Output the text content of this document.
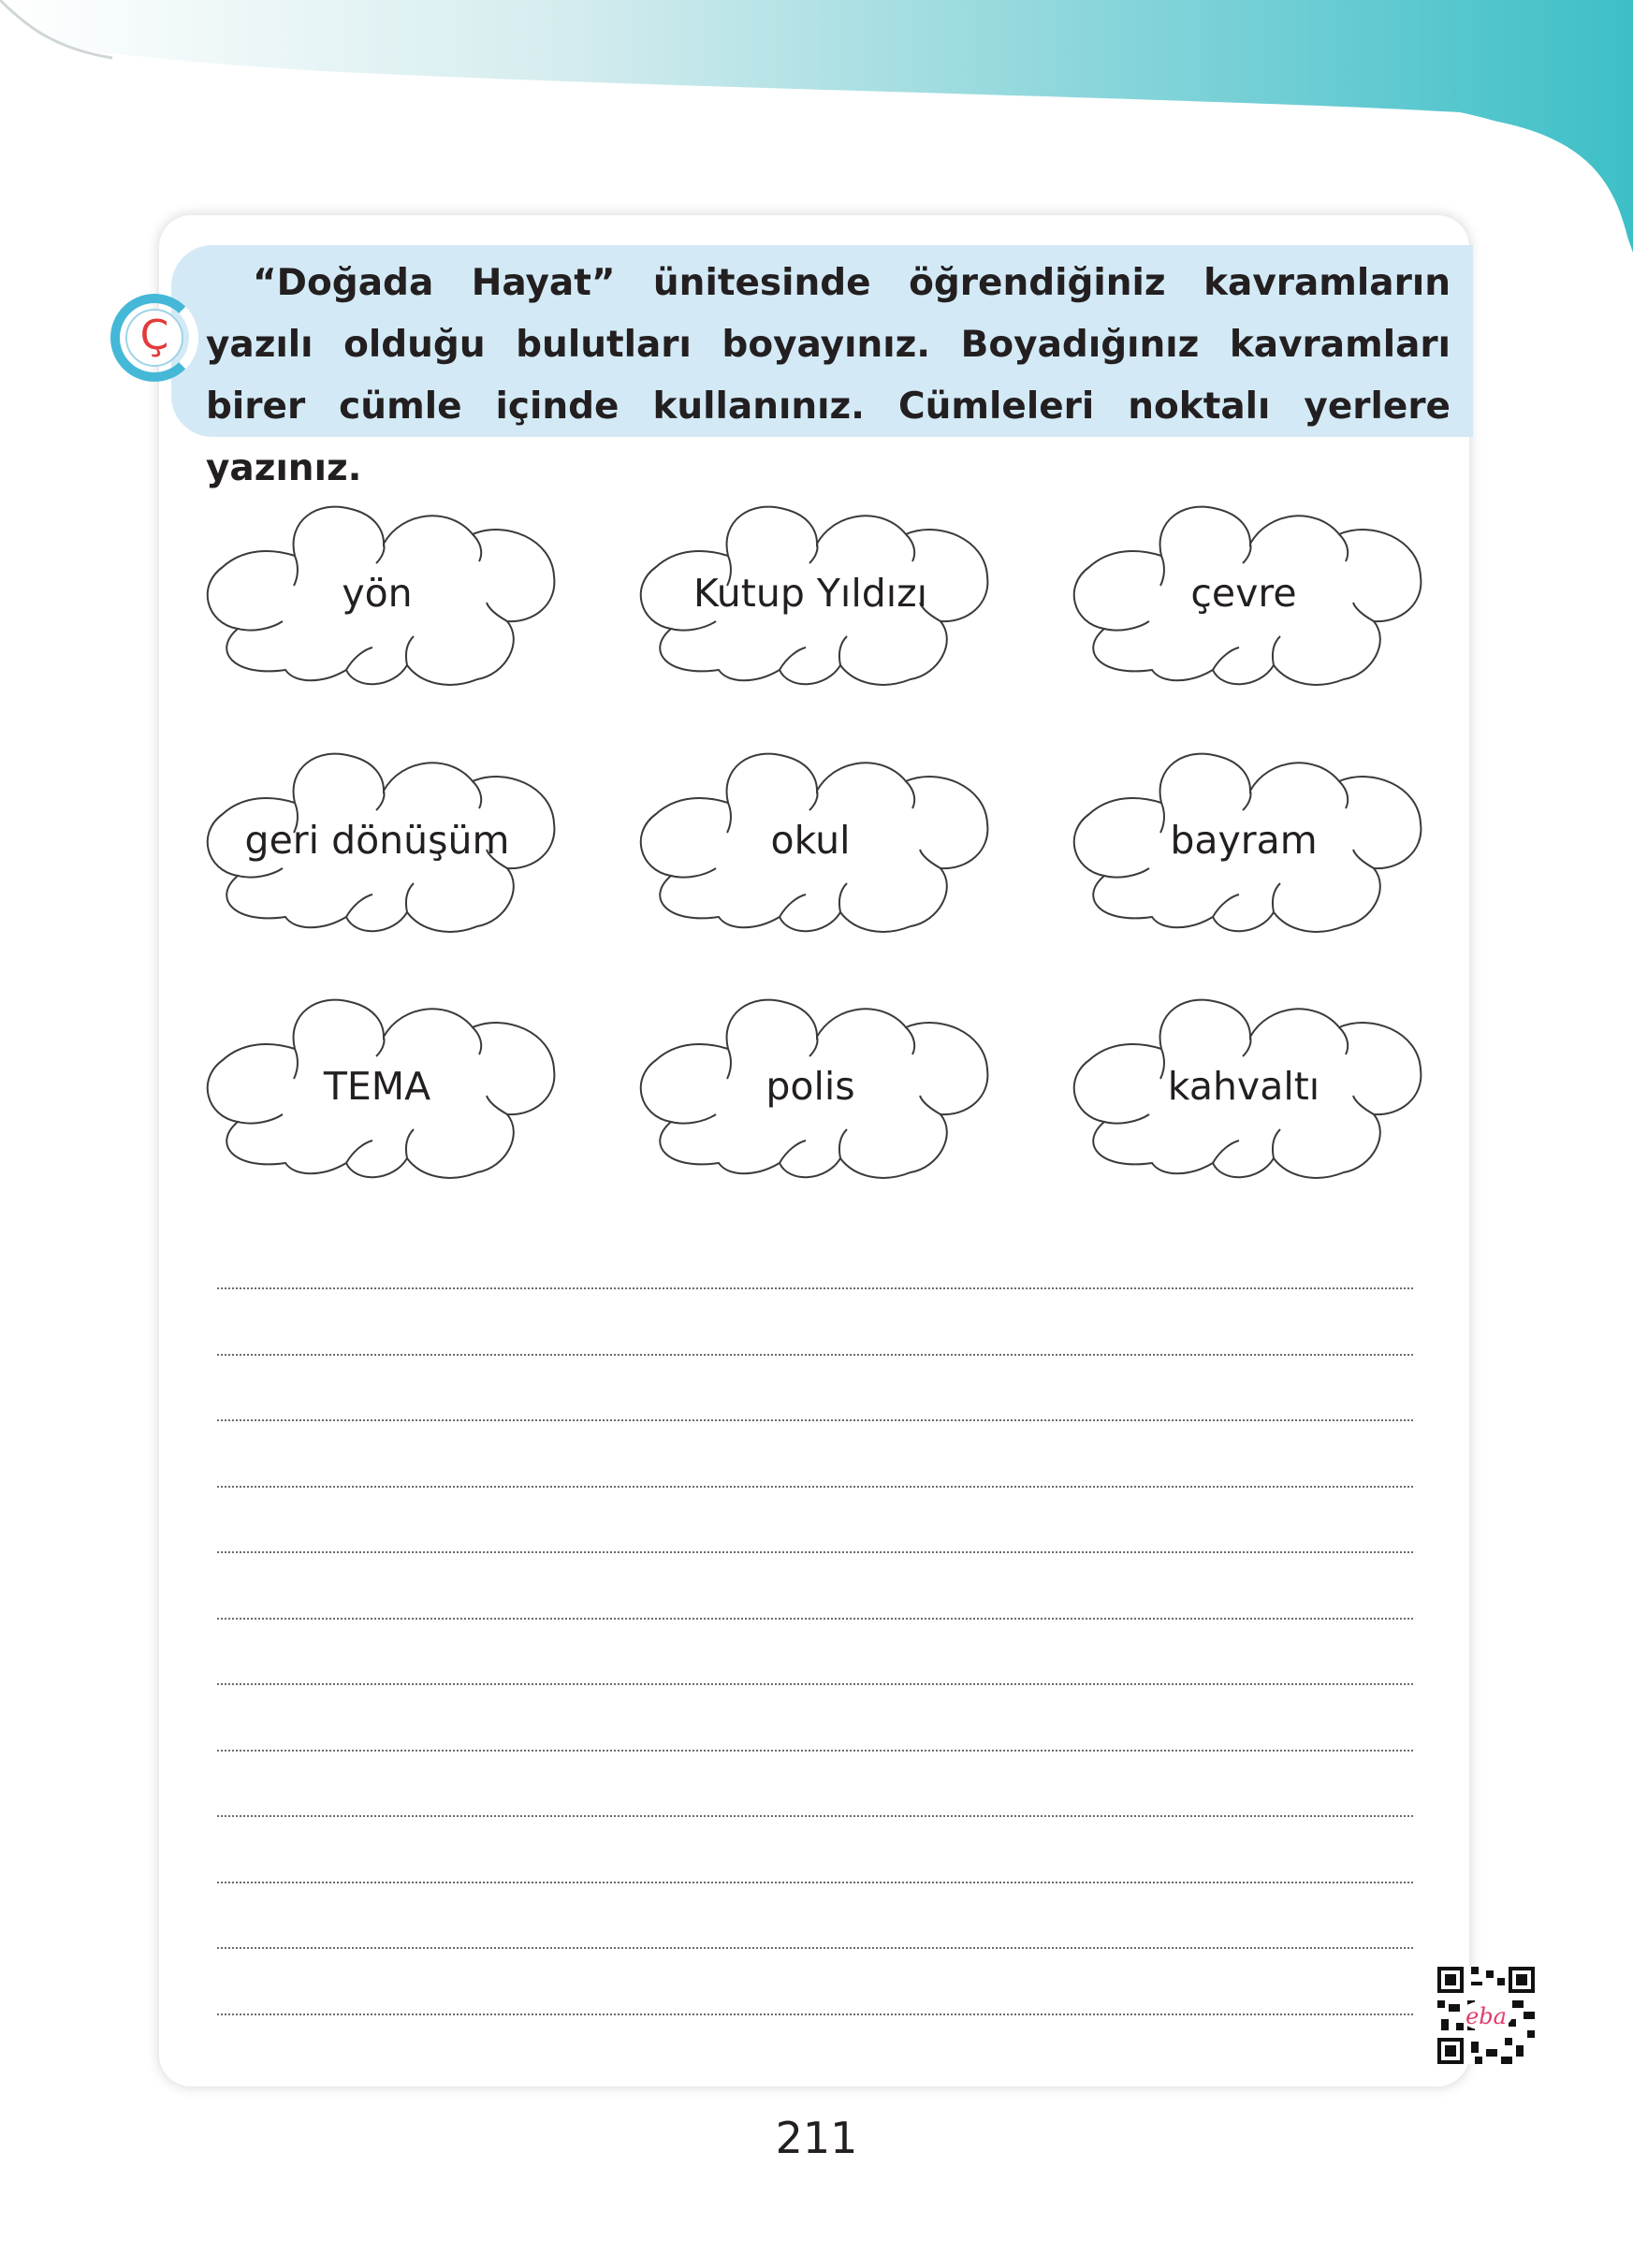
“Doğada Hayat” ünitesinde öğrendiğiniz kavramların yazılı olduğu bulutları boyayınız. Boyadığınız kavramları birer cümle içinde kullanınız. Cümleleri noktalı yerlere yazınız.

Ç
yön	Kutup Yıldızı	çevre
geri dönüşüm	okul	bayram
TEMA	polis	kahvaltı
eba
211
